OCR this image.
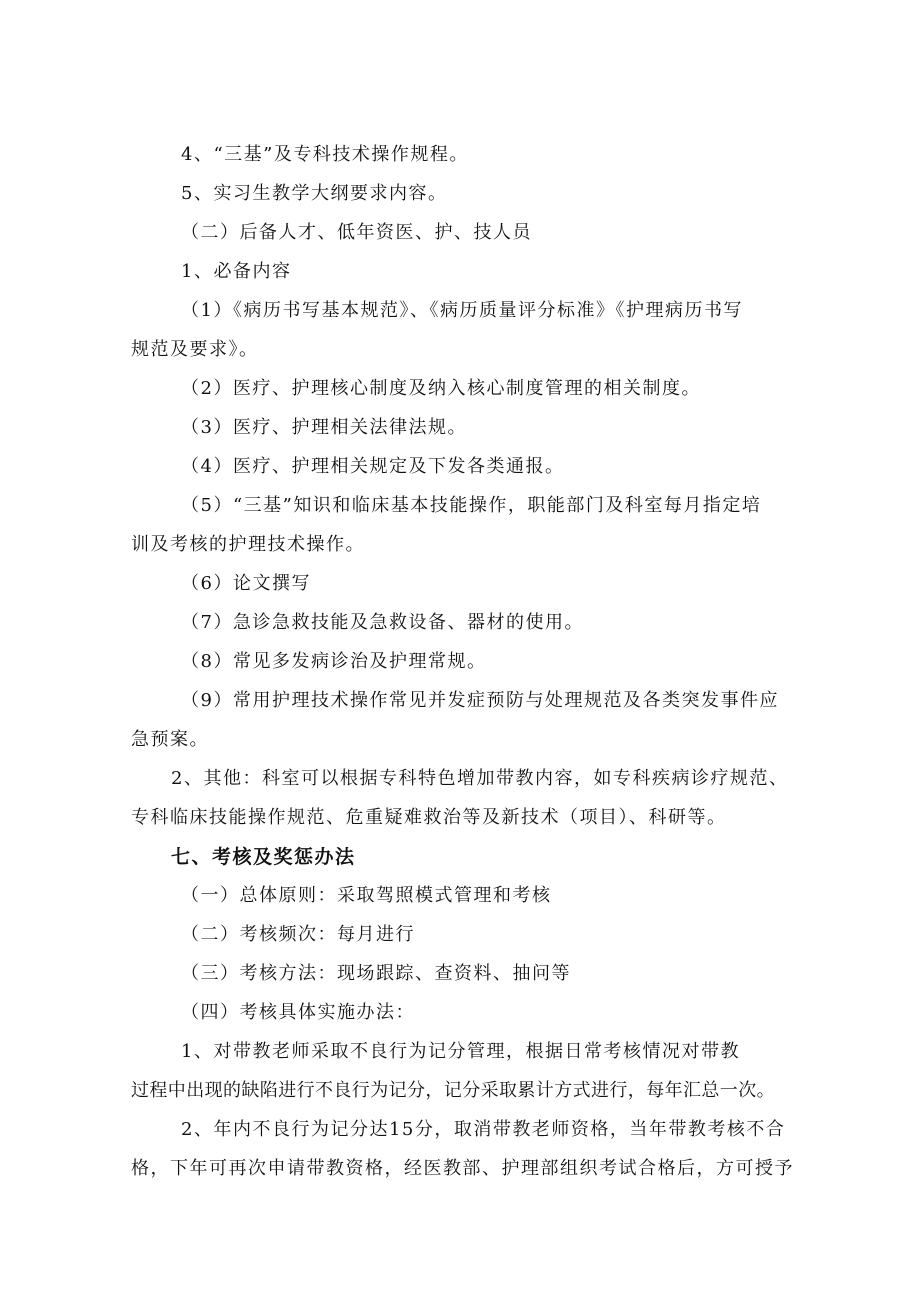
4、“三基”及专科技术操作规程。
5、实习生教学大纲要求内容。
（二）后备人才、低年资医、护、技人员
1、必备内容
（1）《病历书写基本规范》、《病历质量评分标准》《护理病历书写
规范及要求》。
（2）医疗、护理核心制度及纳入核心制度管理的相关制度。
（3）医疗、护理相关法律法规。
（4）医疗、护理相关规定及下发各类通报。
（5）“三基”知识和临床基本技能操作，职能部门及科室每月指定培
训及考核的护理技术操作。
（6）论文撰写
（7）急诊急救技能及急救设备、器材的使用。
（8）常见多发病诊治及护理常规。
（9）常用护理技术操作常见并发症预防与处理规范及各类突发事件应
急预案。
2、其他：科室可以根据专科特色增加带教内容，如专科疾病诊疗规范、
专科临床技能操作规范、危重疑难救治等及新技术（项目）、科研等。
七、考核及奖惩办法
（一）总体原则：采取驾照模式管理和考核
（二）考核频次：每月进行
（三）考核方法：现场跟踪、查资料、抽问等
（四）考核具体实施办法：
1、对带教老师采取不良行为记分管理，根据日常考核情况对带教
过程中出现的缺陷进行不良行为记分，记分采取累计方式进行，每年汇总一次。
2、年内不良行为记分达15分，取消带教老师资格，当年带教考核不合
格，下年可再次申请带教资格，经医教部、护理部组织考试合格后，方可授予
